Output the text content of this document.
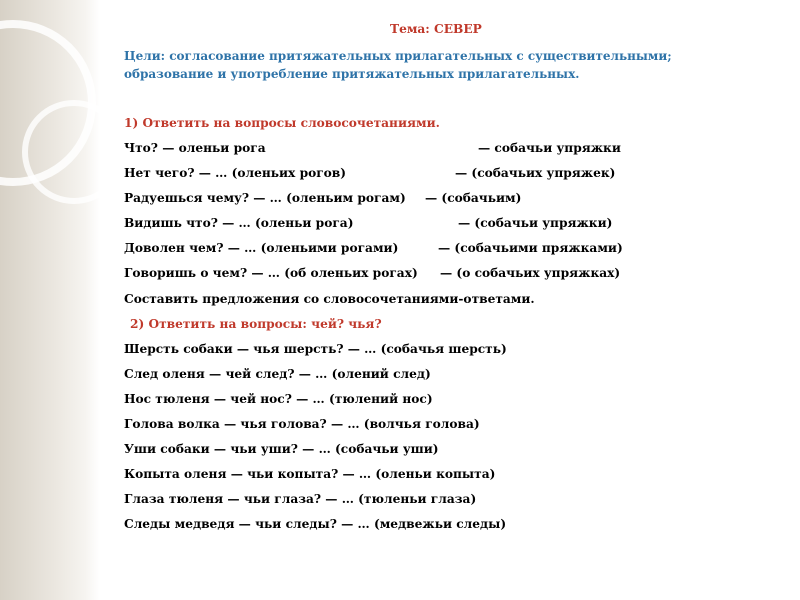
Тема: СЕВЕР
Цели: согласование притяжательных прилагательных с существительными; образование и употребление притяжательных прилагательных.
1) Ответить на вопросы словосочетаниями.
Что? — оленьи рога	— собачьи упряжки
Нет чего? — … (оленьих рогов)	— (собачьих упряжек)
Радуешься чему? — … (оленьим рогам) — (собачьим)
Видишь что? — … (оленьи рога)	— (собачьи упряжки)
Доволен чем? — … (оленьими рогами)	— (собачьими пряжками)
Говоришь о чем? — … (об оленьих рогах) — (о собачьих упряжках)
Составить предложения со словосочетаниями-ответами.
2) Ответить на вопросы: чей? чья?
Шерсть собаки — чья шерсть? — … (собачья шерсть)
След оленя — чей след? — … (олений след)
Нос тюленя — чей нос? — … (тюлений нос)
Голова волка — чья голова? — … (волчья голова)
Уши собаки — чьи уши? — … (собачьи уши)
Копыта оленя — чьи копыта? — … (оленьи копыта)
Глаза тюленя — чьи глаза? — … (тюленьи глаза)
Следы медведя — чьи следы? — … (медвежьи следы)
